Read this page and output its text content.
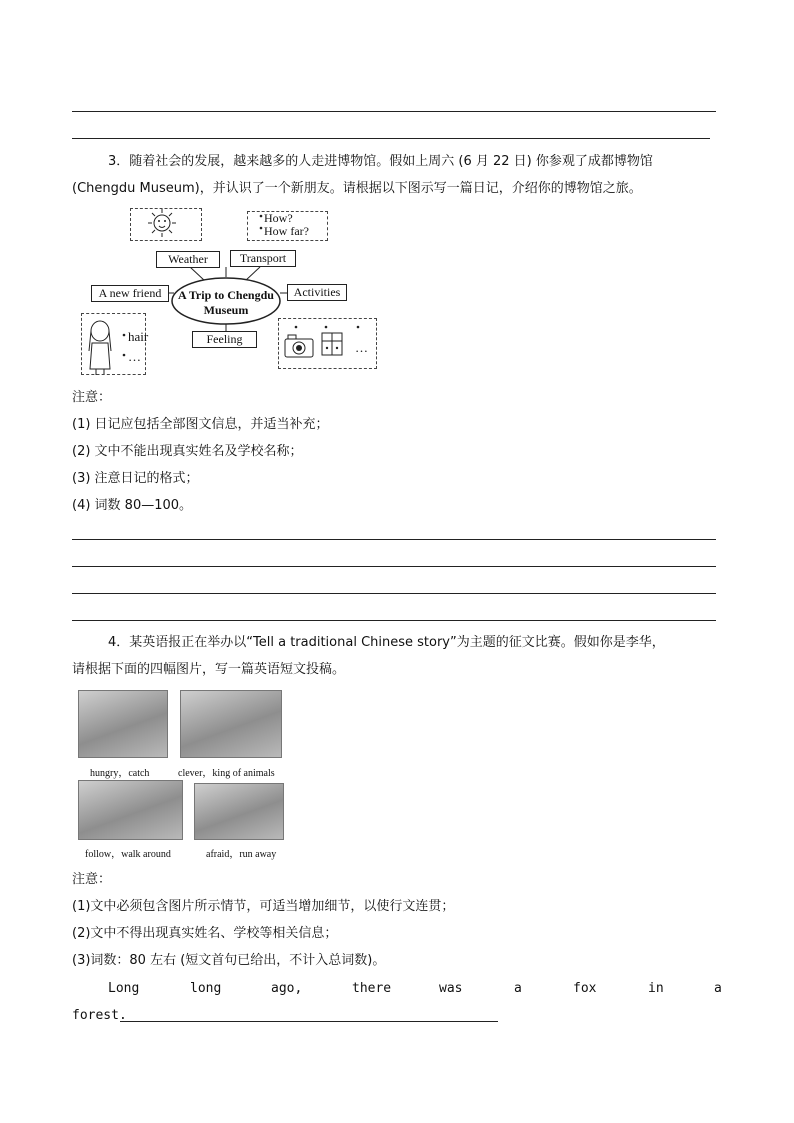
3．随着社会的发展，越来越多的人走进博物馆。假如上周六 (6 月 22 日) 你参观了成都博物馆
(Chengdu Museum)，并认识了一个新朋友。请根据以下图示写一篇日记，介绍你的博物馆之旅。
How?
How far?
Weather	Transport
A new friend	Activities
A Trip to Chengdu
Museum
Feeling
hair
…
…
注意：
(1) 日记应包括全部图文信息，并适当补充；
(2) 文中不能出现真实姓名及学校名称；
(3) 注意日记的格式；
(4) 词数 80—100。
4．某英语报正在举办以“Tell a traditional Chinese story”为主题的征文比赛。假如你是李华，
请根据下面的四幅图片，写一篇英语短文投稿。
hungry，catch	clever，king of animals
follow，walk around	afraid，run away
注意：
(1)文中必须包含图片所示情节，可适当增加细节，以使行文连贯；
(2)文中不得出现真实姓名、学校等相关信息；
(3)词数：80 左右 (短文首句已给出，不计入总词数)。
Long	long	ago,	there	was	a	fox	in	a
forest.
